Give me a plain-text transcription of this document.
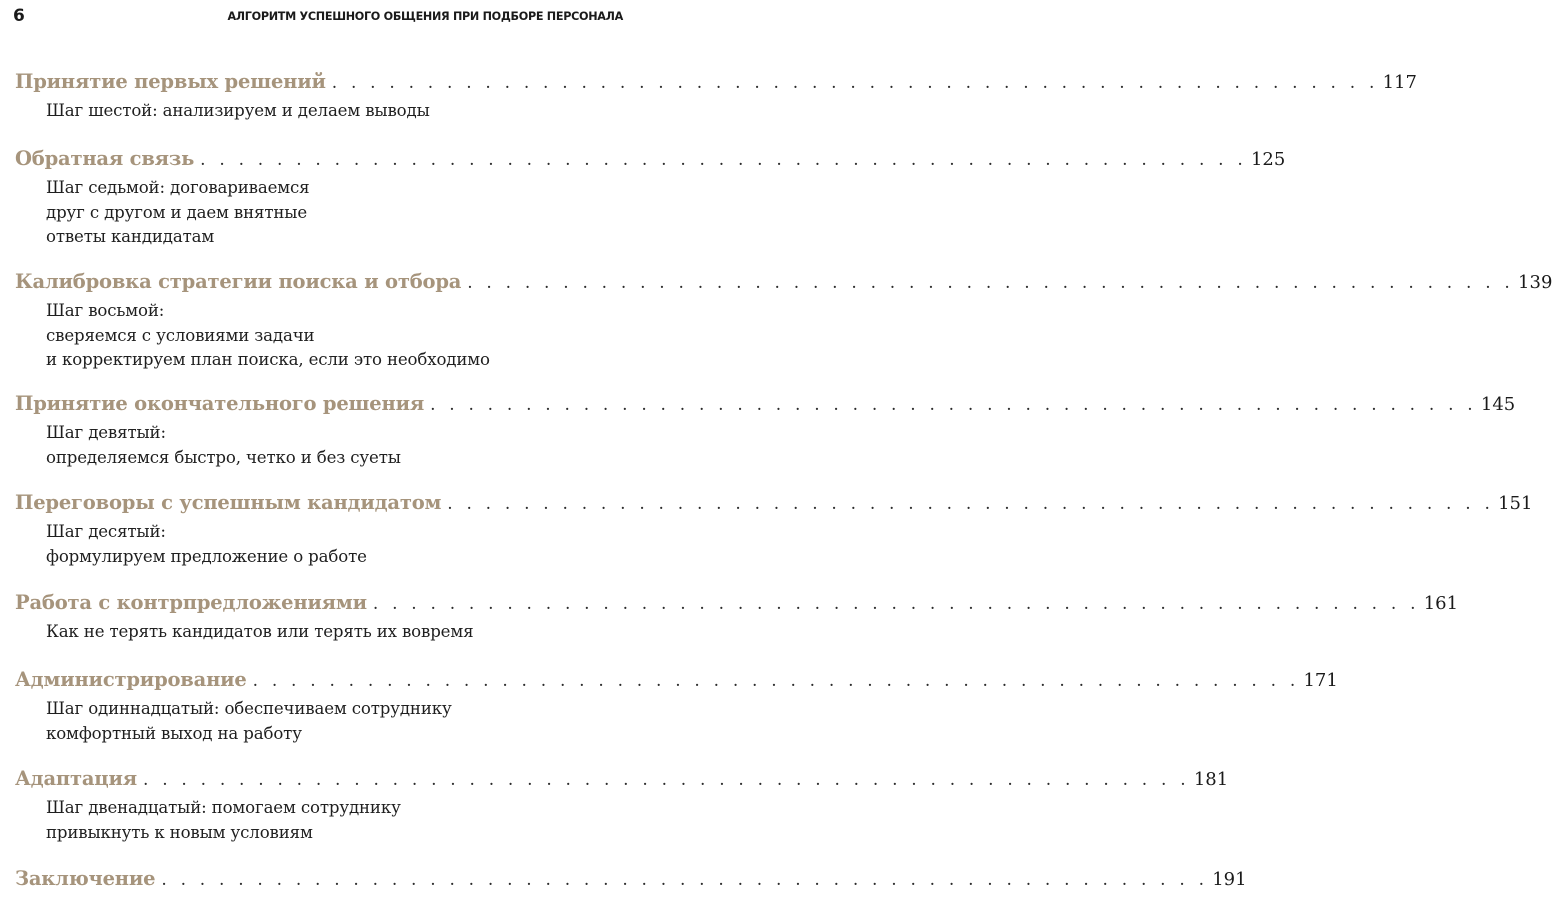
6	АЛГОРИТМ УСПЕШНОГО ОБЩЕНИЯ ПРИ ПОДБОРЕ ПЕРСОНАЛА
Принятие первых решений . . . . . . . . . . . . . . . . . . . . . . . . . . . . . . . . . . . . . . . . . . . . . . . . . . . . . . . 117
Шаг шестой: анализируем и делаем выводы
Обратная связь . . . . . . . . . . . . . . . . . . . . . . . . . . . . . . . . . . . . . . . . . . . . . . . . . . . . . . . 125
Шаг седьмой: договариваемся
друг с другом и даем внятные
ответы кандидатам
Калибровка стратегии поиска и отбора . . . . . . . . . . . . . . . . . . . . . . . . . . . . . . . . . . . . . . . . . . . . . . . . . . . . . . . 139
Шаг восьмой:
сверяемся с условиями задачи
и корректируем план поиска, если это необходимо
Принятие окончательного решения . . . . . . . . . . . . . . . . . . . . . . . . . . . . . . . . . . . . . . . . . . . . . . . . . . . . . . . 145
Шаг девятый:
определяемся быстро, четко и без суеты
Переговоры с успешным кандидатом . . . . . . . . . . . . . . . . . . . . . . . . . . . . . . . . . . . . . . . . . . . . . . . . . . . . . . . 151
Шаг десятый:
формулируем предложение о работе
Работа с контрпредложениями . . . . . . . . . . . . . . . . . . . . . . . . . . . . . . . . . . . . . . . . . . . . . . . . . . . . . . . 161
Как не терять кандидатов или терять их вовремя
Администрирование . . . . . . . . . . . . . . . . . . . . . . . . . . . . . . . . . . . . . . . . . . . . . . . . . . . . . . . 171
Шаг одиннадцатый: обеспечиваем сотруднику
комфортный выход на работу
Адаптация . . . . . . . . . . . . . . . . . . . . . . . . . . . . . . . . . . . . . . . . . . . . . . . . . . . . . . . 181
Шаг двенадцатый: помогаем сотруднику
привыкнуть к новым условиям
Заключение . . . . . . . . . . . . . . . . . . . . . . . . . . . . . . . . . . . . . . . . . . . . . . . . . . . . . . . 191
